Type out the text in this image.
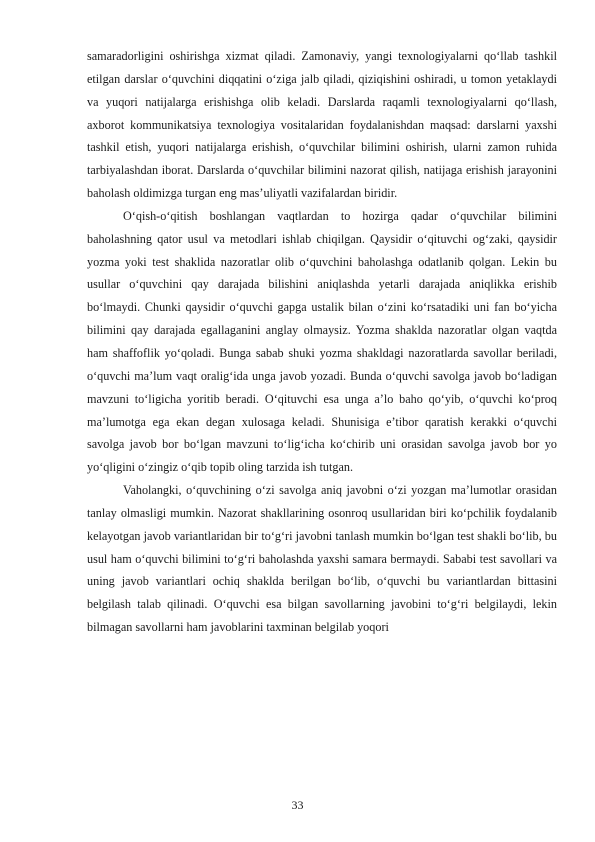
samaradorligini oshirishga xizmat qiladi. Zamonaviy, yangi texnologiyalarni qo‘llab tashkil etilgan darslar o‘quvchini diqqatini o‘ziga jalb qiladi, qiziqishini oshiradi, u tomon yetaklaydi va yuqori natijalarga erishishga olib keladi. Darslarda raqamli texnologiyalarni qo‘llash, axborot kommunikatsiya texnologiya vositalaridan foydalanishdan maqsad: darslarni yaxshi tashkil etish, yuqori natijalarga erishish, o‘quvchilar bilimini oshirish, ularni zamon ruhida tarbiyalashdan iborat. Darslarda o‘quvchilar bilimini nazorat qilish, natijaga erishish jarayonini baholash oldimizga turgan eng mas’uliyatli vazifalardan biridir.

O‘qish-o‘qitish boshlangan vaqtlardan to hozirga qadar o‘quvchilar bilimini baholashning qator usul va metodlari ishlab chiqilgan. Qaysidir o‘qituvchi og‘zaki, qaysidir yozma yoki test shaklida nazoratlar olib o‘quvchini baholashga odatlanib qolgan. Lekin bu usullar o‘quvchini qay darajada bilishini aniqlashda yetarli darajada aniqlikka erishib bo‘lmaydi. Chunki qaysidir o‘quvchi gapga ustalik bilan o‘zini ko‘rsatadiki uni fan bo‘yicha bilimini qay darajada egallaganini anglay olmaysiz. Yozma shaklda nazoratlar olgan vaqtda ham shaffoflik yo‘qoladi. Bunga sabab shuki yozma shakldagi nazoratlarda savollar beriladi, o‘quvchi ma’lum vaqt oralig‘ida unga javob yozadi. Bunda o‘quvchi savolga javob bo‘ladigan mavzuni to‘ligicha yoritib beradi. O‘qituvchi esa unga a’lo baho qo‘yib, o‘quvchi ko‘proq ma’lumotga ega ekan degan xulosaga keladi. Shunisiga e’tibor qaratish kerakki o‘quvchi savolga javob bor bo‘lgan mavzuni to‘lig‘icha ko‘chirib uni orasidan savolga javob bor yo yo‘qligini o‘zingiz o‘qib topib oling tarzida ish tutgan.

Vaholangki, o‘quvchining o‘zi savolga aniq javobni o‘zi yozgan ma’lumotlar orasidan tanlay olmasligi mumkin. Nazorat shakllarining osonroq usullaridan biri ko‘pchilik foydalanib kelayotgan javob variantlaridan bir to‘g‘ri javobni tanlash mumkin bo‘lgan test shakli bo‘lib, bu usul ham o‘quvchi bilimini to‘g‘ri baholashda yaxshi samara bermaydi. Sababi test savollari va uning javob variantlari ochiq shaklda berilgan bo‘lib, o‘quvchi bu variantlardan bittasini belgilash talab qilinadi. O‘quvchi esa bilgan savollarning javobini to‘g‘ri belgilaydi, lekin bilmagan savollarni ham javoblarini taxminan belgilab yoqori

33
